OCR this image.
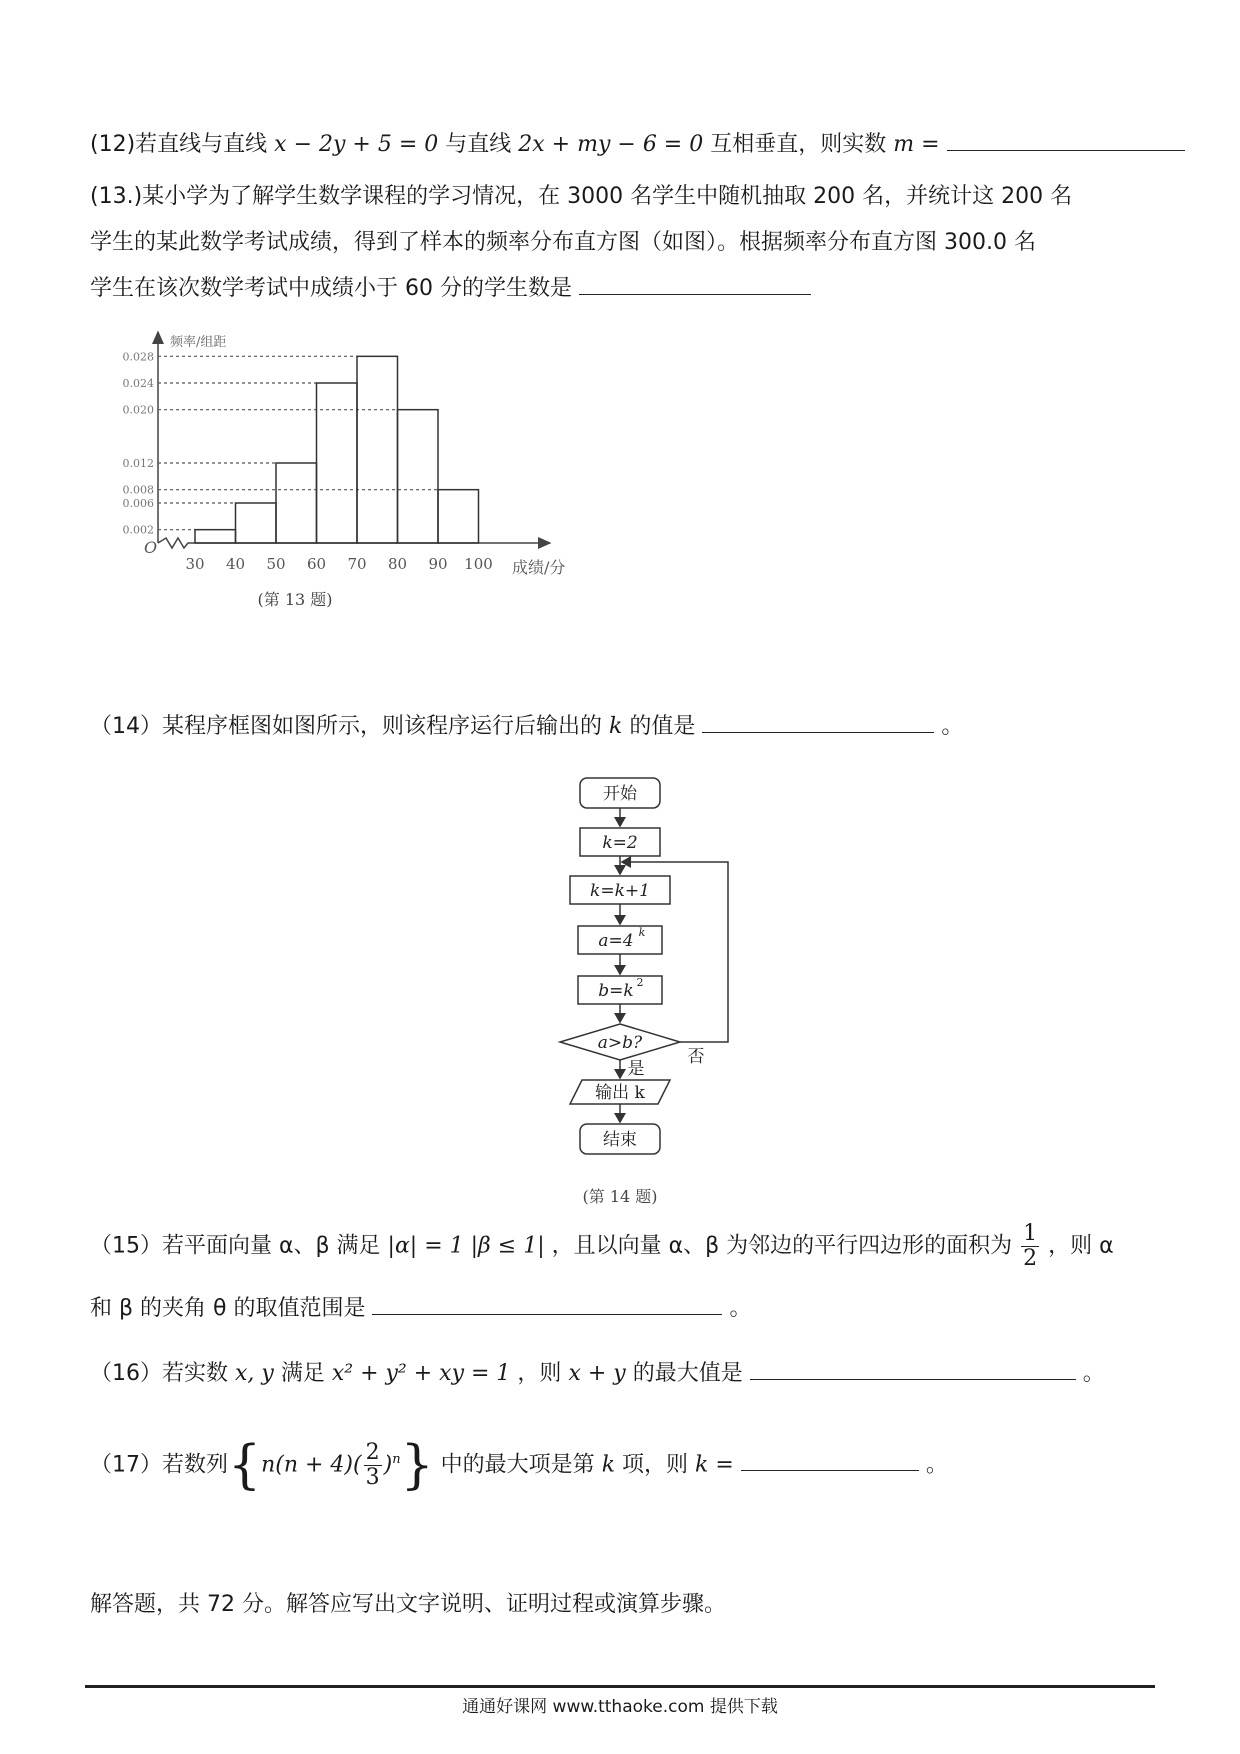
(12)若直线与直线 x − 2y + 5 = 0 与直线 2x + my − 6 = 0 互相垂直，则实数 m =
(13.)某小学为了解学生数学课程的学习情况，在 3000 名学生中随机抽取 200 名，并统计这 200 名
学生的某此数学考试成绩，得到了样本的频率分布直方图（如图）。根据频率分布直方图 300.0 名
学生在该次数学考试中成绩小于 60 分的学生数是
O
频率/组距
成绩/分
0.028
0.024
0.020
0.012
0.008
0.006
0.002
30 40 50 60 70 80 90 100
(第 13 题)
（14）某程序框图如图所示，则该程序运行后输出的 k 的值是	。
开始
k=2
k=k+1
a=4 k
b=k 2
a>b?
否
是
输出 k
结束
(第 14 题)
（15）若平面向量 α、β 满足 |α| = 1 |β ≤ 1| ，且以向量 α、β 为邻边的平行四边形的面积为 $\frac{1}{2}$ ，则 α
和 β 的夹角 θ 的取值范围是	。
（16）若实数 x, y 满足 x² + y² + xy = 1 ，则 x + y 的最大值是	。
（17）若数列$\{n(n + 4)( \frac{2}{3} )^n\}$ 中的最大项是第 k 项，则 k =	。
解答题，共 72 分。解答应写出文字说明、证明过程或演算步骤。
通通好课网 www.tthaoke.com 提供下载
